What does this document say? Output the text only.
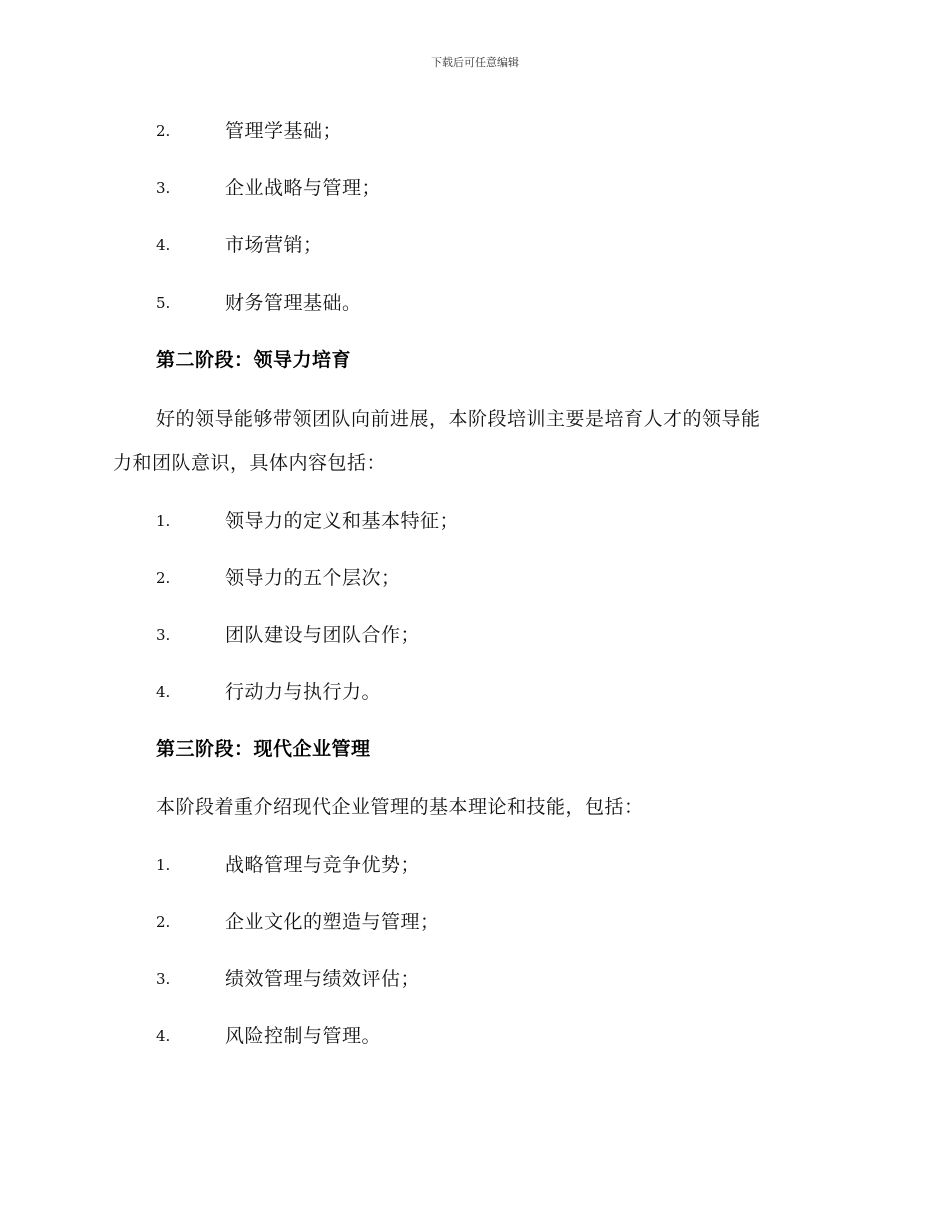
下载后可任意编辑
2.	管理学基础；
3.	企业战略与管理；
4.	市场营销；
5.	财务管理基础。
第二阶段：领导力培育
好的领导能够带领团队向前进展，本阶段培训主要是培育人才的领导能
力和团队意识，具体内容包括：
1.	领导力的定义和基本特征；
2.	领导力的五个层次；
3.	团队建设与团队合作；
4.	行动力与执行力。
第三阶段：现代企业管理
本阶段着重介绍现代企业管理的基本理论和技能，包括：
1.	战略管理与竞争优势；
2.	企业文化的塑造与管理；
3.	绩效管理与绩效评估；
4.	风险控制与管理。
